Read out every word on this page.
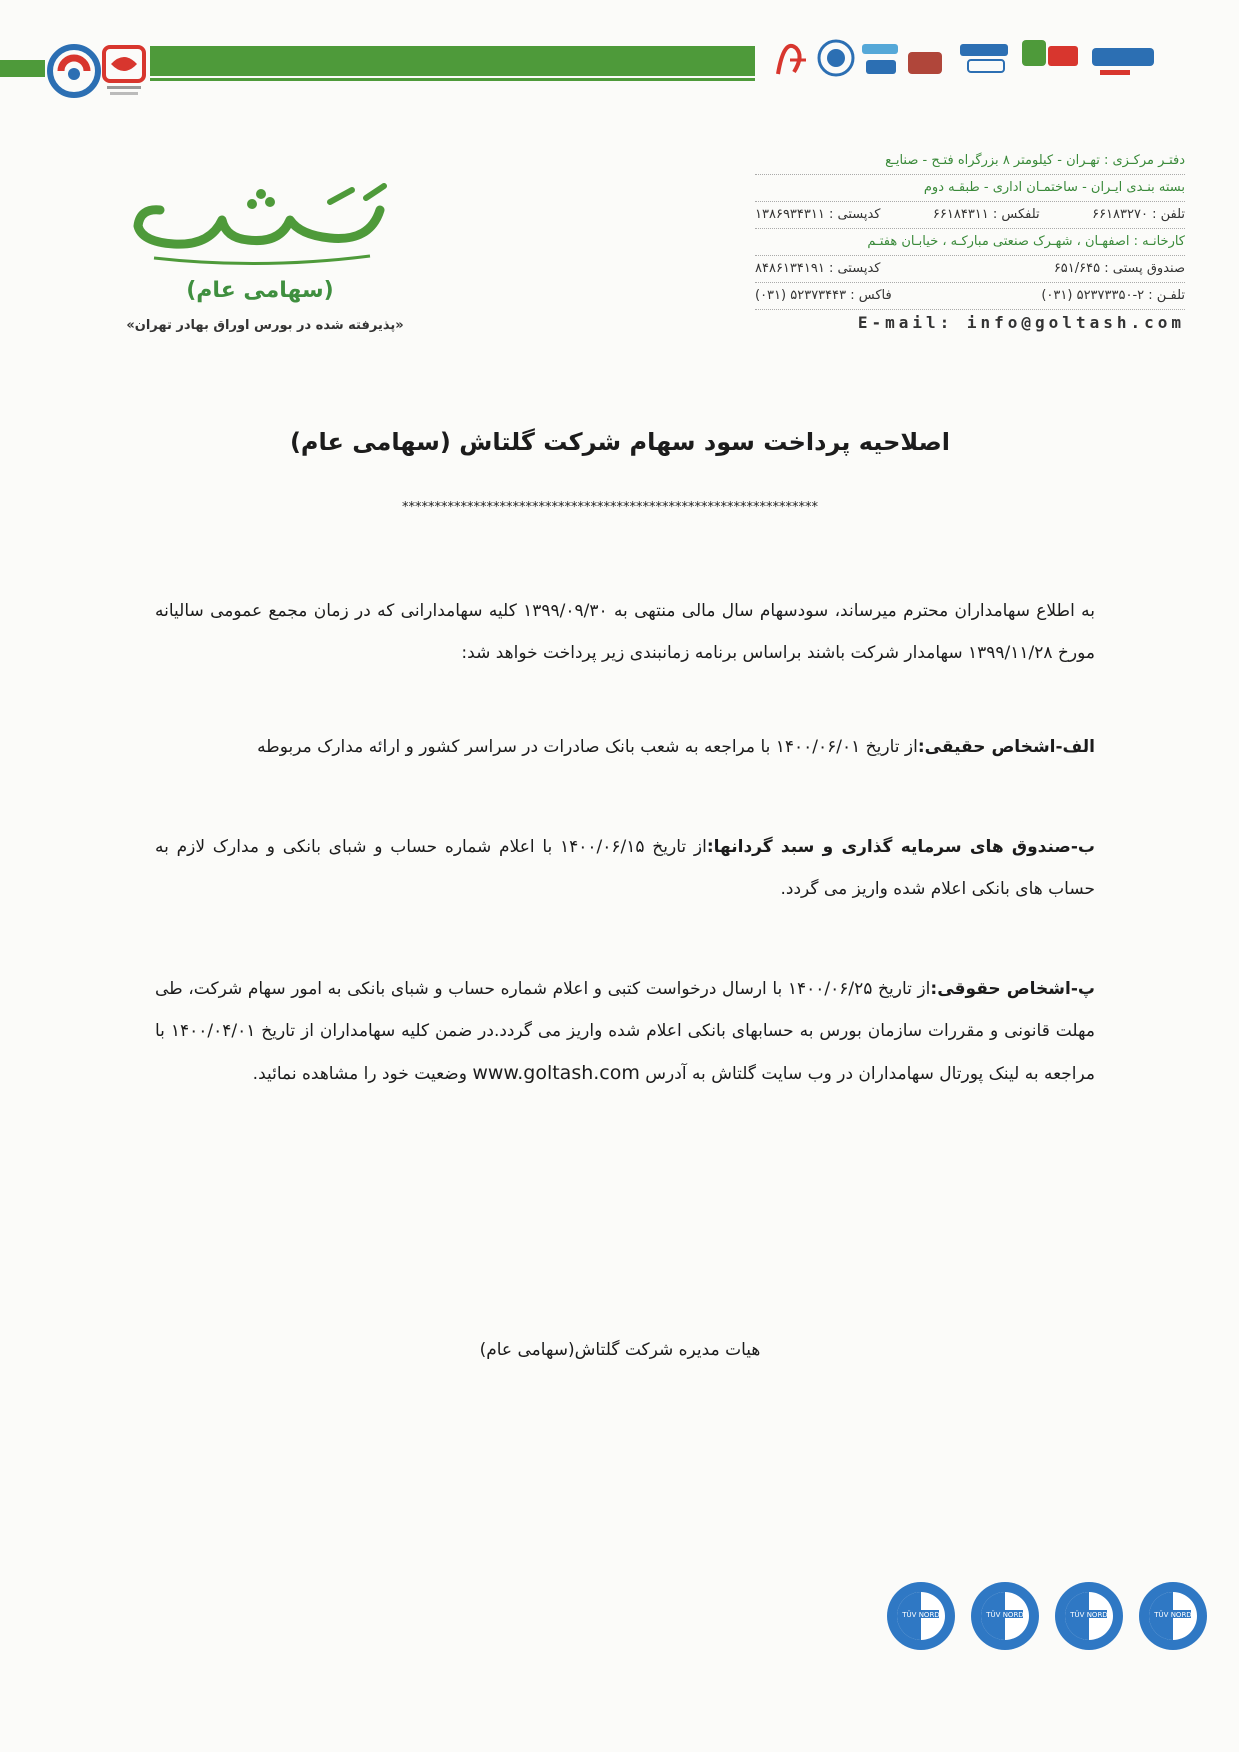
(سهامی عام)
«پذیرفته شده در بورس اوراق بهادر تهران»
دفتـر مرکـزی : تهـران - کیلومتر ۸ بزرگراه فتـح - صنایـع
بسته بنـدی ایـران - ساختمـان اداری - طبقـه دوم
تلفن : ۶۶۱۸۳۲۷۰
تلفکس : ۶۶۱۸۴۳۱۱
کدپستی : ۱۳۸۶۹۳۴۳۱۱
کارخانـه : اصفهـان ، شهـرک صنعتی مبارکـه ، خیابـان هفتـم
صندوق پستی : ۶۵۱/۶۴۵
کدپستی : ۸۴۸۶۱۳۴۱۹۱
تلفـن : ۲-۵۲۳۷۳۳۵۰ (۰۳۱)
فاکس : ۵۲۳۷۳۴۴۳ (۰۳۱)
E-mail: info@goltash.com
اصلاحیه پرداخت سود سهام شرکت گلتاش (سهامی عام)
****************************************************************

به اطلاع سهامداران محترم میرساند، سودسهام سال مالی منتهی به ۱۳۹۹/۰۹/۳۰ کلیه سهامدارانی که در زمان مجمع عمومی سالیانه مورخ ۱۳۹۹/۱۱/۲۸ سهامدار شرکت باشند براساس برنامه زمانبندی زیر پرداخت خواهد شد:

الف-اشخاص حقیقی:از تاریخ ۱۴۰۰/۰۶/۰۱ با مراجعه به شعب بانک صادرات در سراسر کشور و ارائه مدارک مربوطه

ب-صندوق های سرمایه گذاری و سبد گردانها:از تاریخ ۱۴۰۰/۰۶/۱۵ با اعلام شماره حساب و شبای بانکی و مدارک لازم به حساب های بانکی اعلام شده واریز می گردد.

پ-اشخاص حقوقی:از تاریخ ۱۴۰۰/۰۶/۲۵ با ارسال درخواست کتبی و اعلام شماره حساب و شبای بانکی به امور سهام شرکت، طی مهلت قانونی و مقررات سازمان بورس به حسابهای بانکی اعلام شده واریز می گردد.در ضمن کلیه سهامداران از تاریخ ۱۴۰۰/۰۴/۰۱ با مراجعه به لینک پورتال سهامداران در وب سایت گلتاش به آدرس www.goltash.com وضعیت خود را مشاهده نمائید.

هیات مدیره شرکت گلتاش(سهامی عام)
TÜV NORD	TÜV NORD	TÜV NORD	TÜV NORD
